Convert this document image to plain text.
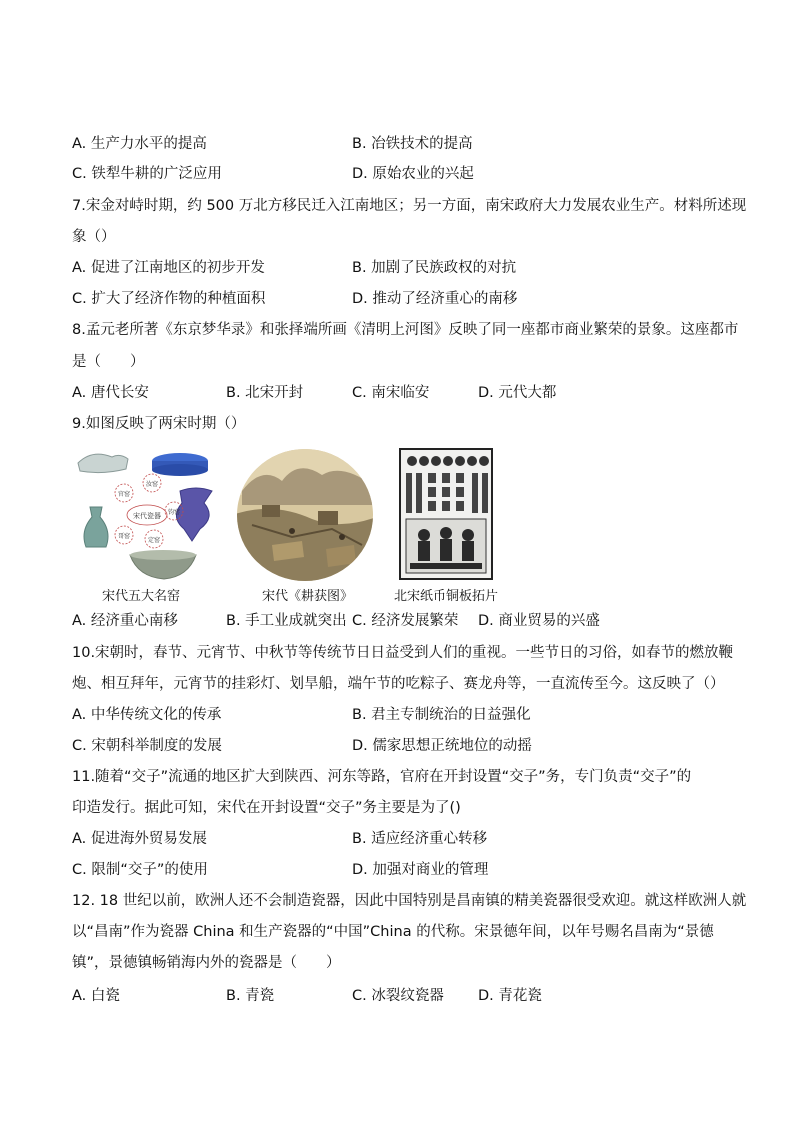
A. 生产力水平的提高	B. 冶铁技术的提高
C. 铁犁牛耕的广泛应用	D. 原始农业的兴起
7.宋金对峙时期，约 500 万北方移民迁入江南地区；另一方面，南宋政府大力发展农业生产。材料所述现
象（）
A. 促进了江南地区的初步开发	B. 加剧了民族政权的对抗
C. 扩大了经济作物的种植面积	D. 推动了经济重心的南移
8.孟元老所著《东京梦华录》和张择端所画《清明上河图》反映了同一座都市商业繁荣的景象。这座都市
是（　　）
A. 唐代长安	B. 北宋开封	C. 南宋临安	D. 元代大都
9.如图反映了两宋时期（）
宋代瓷器
汝窑
官窑
钧窑
哥窑
定窑
宋代五大名窑	宋代《耕获图》	北宋纸币铜板拓片
A. 经济重心南移	B. 手工业成就突出 C. 经济发展繁荣 D. 商业贸易的兴盛
10.宋朝时，春节、元宵节、中秋节等传统节日日益受到人们的重视。一些节日的习俗，如春节的燃放鞭
炮、相互拜年，元宵节的挂彩灯、划旱船，端午节的吃粽子、赛龙舟等，一直流传至今。这反映了（）
A. 中华传统文化的传承	B. 君主专制统治的日益强化
C. 宋朝科举制度的发展	D. 儒家思想正统地位的动摇
11.随着“交子”流通的地区扩大到陕西、河东等路，官府在开封设置“交子”务，专门负责“交子”的
印造发行。据此可知，宋代在开封设置“交子”务主要是为了()
A. 促进海外贸易发展	B. 适应经济重心转移
C. 限制“交子”的使用	D. 加强对商业的管理
12. 18 世纪以前，欧洲人还不会制造瓷器，因此中国特别是昌南镇的精美瓷器很受欢迎。就这样欧洲人就
以“昌南”作为瓷器 China 和生产瓷器的“中国”China 的代称。宋景德年间，以年号赐名昌南为“景德
镇”，景德镇畅销海内外的瓷器是（　　）
A. 白瓷	B. 青瓷	C. 冰裂纹瓷器 D. 青花瓷
